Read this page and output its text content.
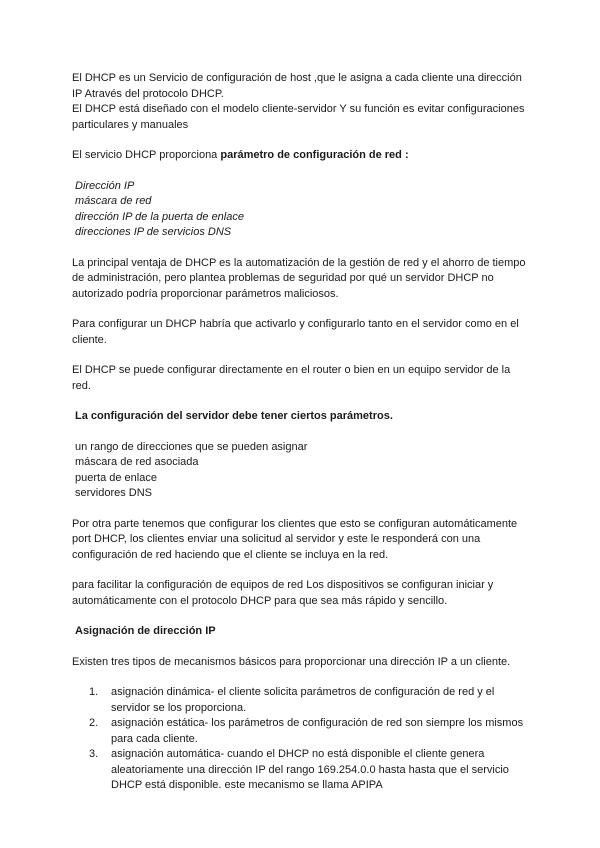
El DHCP es un Servicio de configuración de host ,que le asigna a cada cliente una dirección IP Através del protocolo DHCP.

El DHCP está diseñado con el modelo cliente-servidor Y su función es evitar configuraciones particulares y manuales

El servicio DHCP proporciona parámetro de configuración de red :

Dirección IP

máscara de red

dirección IP de la puerta de enlace

direcciones IP de servicios DNS

La principal ventaja de DHCP es la automatización de la gestión de red y el ahorro de tiempo de administración, pero plantea problemas de seguridad por qué un servidor DHCP no autorizado podría proporcionar parámetros maliciosos.

Para configurar un DHCP habría que activarlo y configurarlo tanto en el servidor como en el cliente.

El DHCP se puede configurar directamente en el router o bien en un equipo servidor de la red.

La configuración del servidor debe tener ciertos parámetros.

un rango de direcciones que se pueden asignar

máscara de red asociada

puerta de enlace

servidores DNS

Por otra parte tenemos que configurar los clientes que esto se configuran automáticamente port DHCP, los clientes enviar una solicitud al servidor y este le responderá con una configuración de red haciendo que el cliente se incluya en la red.

para facilitar la configuración de equipos de red Los dispositivos se configuran iniciar y automáticamente con el protocolo DHCP para que sea más rápido y sencillo.

Asignación de dirección IP

Existen tres tipos de mecanismos básicos para proporcionar una dirección IP a un cliente.

1. asignación dinámica- el cliente solicita parámetros de configuración de red y el servidor se los proporciona.
2. asignación estática- los parámetros de configuración de red son siempre los mismos para cada cliente.
3. asignación automática- cuando el DHCP no está disponible el cliente genera aleatoriamente una dirección IP del rango 169.254.0.0 hasta hasta que el servicio DHCP está disponible. este mecanismo se llama APIPA
